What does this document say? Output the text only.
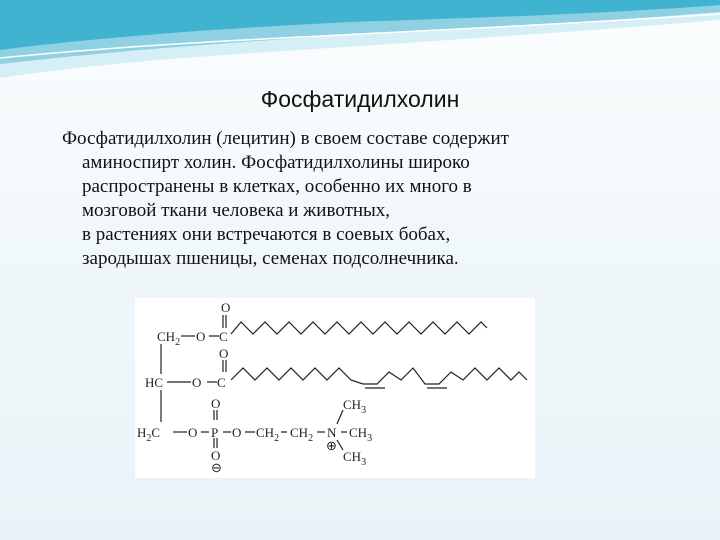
Фосфатидилхолин
Фосфатидилхолин (лецитин) в своем составе содержит
аминоспирт холин. Фосфатидилхолины широко
распространены в клетках, особенно их много в
мозговой ткани человека и животных,
в растениях они встречаются в соевых бобах,
зародышах пшеницы, семенах подсолнечника.
O
$CH_2$ O C
O
HC O C
O
$H_2C$ O P O $CH_2$ $CH_2$ N
⊕
$CH_3$
$CH_3$
$CH_3$
O
⊖
